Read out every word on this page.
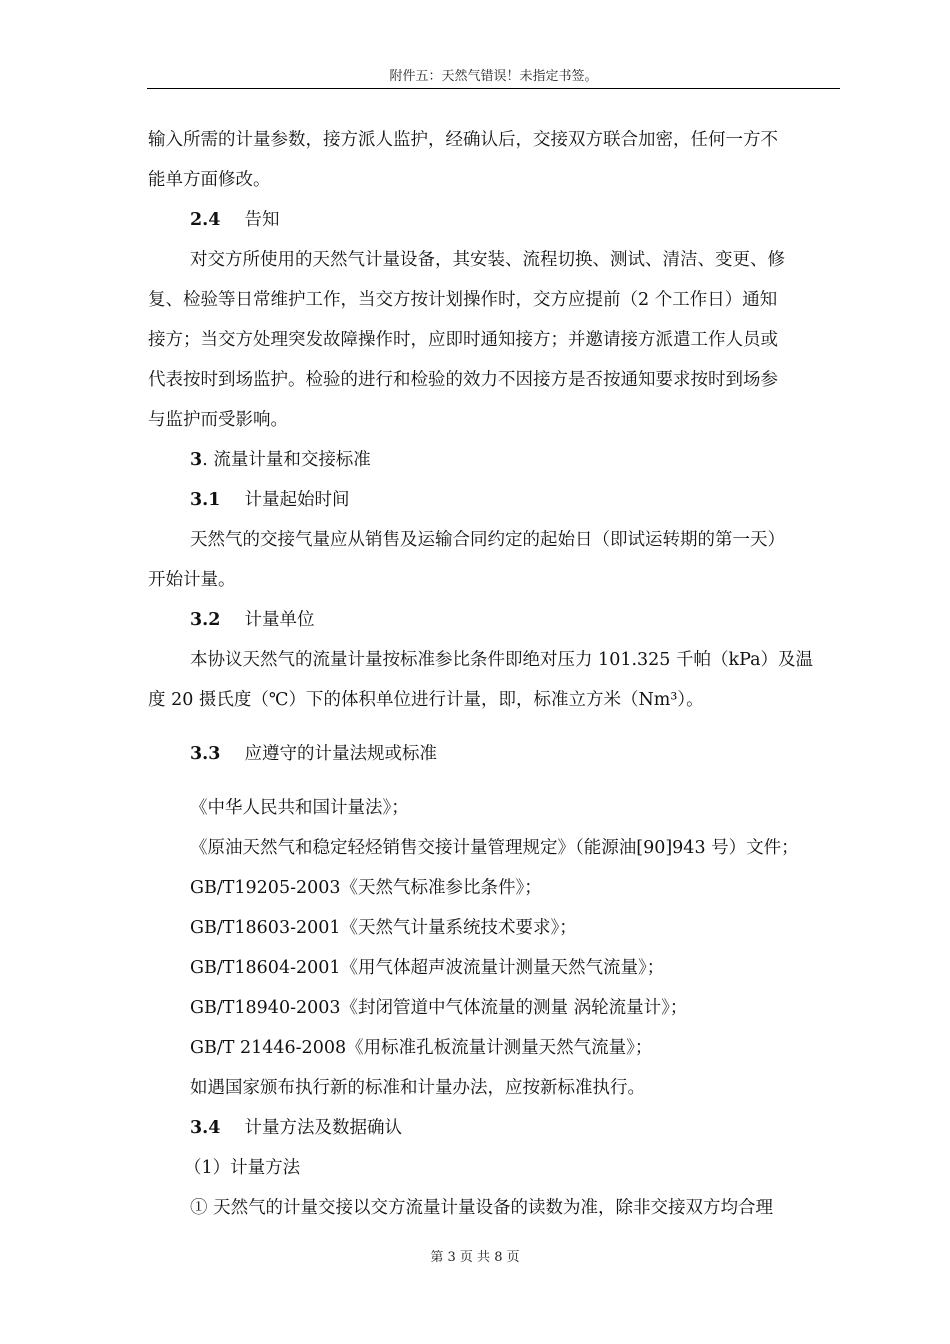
附件五：天然气错误！未指定书签。
输入所需的计量参数，接方派人监护，经确认后，交接双方联合加密，任何一方不
能单方面修改。
2.4 告知
对交方所使用的天然气计量设备，其安装、流程切换、测试、清洁、变更、修
复、检验等日常维护工作，当交方按计划操作时，交方应提前（2 个工作日）通知
接方；当交方处理突发故障操作时，应即时通知接方；并邀请接方派遣工作人员或
代表按时到场监护。检验的进行和检验的效力不因接方是否按通知要求按时到场参
与监护而受影响。
3. 流量计量和交接标准
3.1 计量起始时间
天然气的交接气量应从销售及运输合同约定的起始日（即试运转期的第一天）
开始计量。
3.2 计量单位
本协议天然气的流量计量按标准参比条件即绝对压力 101.325 千帕（kPa）及温
度 20 摄氏度（℃）下的体积单位进行计量，即，标准立方米（Nm³）。
3.3 应遵守的计量法规或标准
《中华人民共和国计量法》；
《原油天然气和稳定轻烃销售交接计量管理规定》（能源油[90]943 号）文件；
GB/T19205-2003《天然气标准参比条件》；
GB/T18603-2001《天然气计量系统技术要求》；
GB/T18604-2001《用气体超声波流量计测量天然气流量》；
GB/T18940-2003《封闭管道中气体流量的测量 涡轮流量计》；
GB/T 21446-2008《用标准孔板流量计测量天然气流量》；
如遇国家颁布执行新的标准和计量办法，应按新标准执行。
3.4 计量方法及数据确认
（1）计量方法
① 天然气的计量交接以交方流量计量设备的读数为准，除非交接双方均合理
第 3 页 共 8 页
